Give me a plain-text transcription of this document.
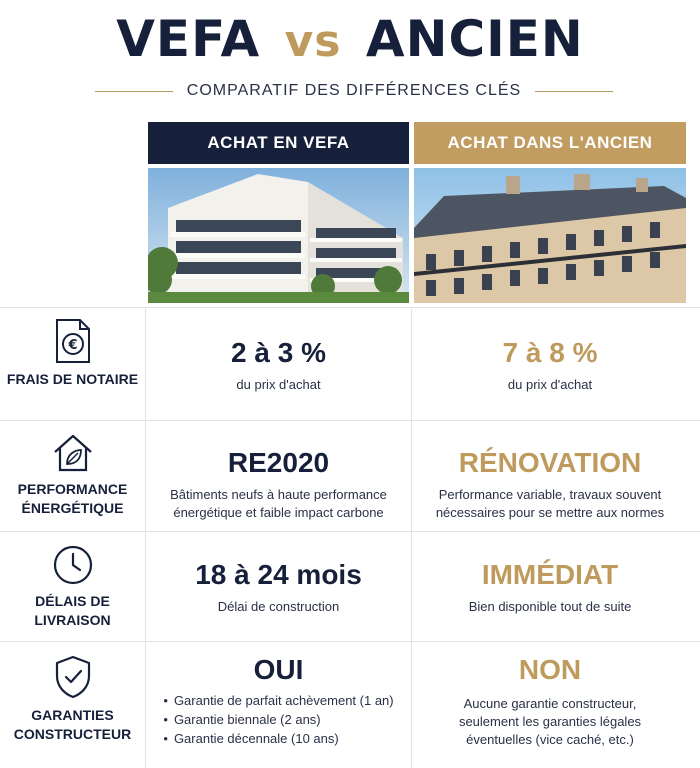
VEFA vs ANCIEN
COMPARATIF DES DIFFÉRENCES CLÉS
ACHAT EN VEFA	ACHAT DANS L'ANCIEN
€
FRAIS DE NOTAIRE
2 à 3 %
du prix d'achat
7 à 8 %
du prix d'achat
PERFORMANCE ÉNERGÉTIQUE
RE2020
Bâtiments neufs à haute performance énergétique et faible impact carbone
RÉNOVATION
Performance variable, travaux souvent nécessaires pour se mettre aux normes
DÉLAIS DE LIVRAISON
18 à 24 mois
Délai de construction
IMMÉDIAT
Bien disponible tout de suite
GARANTIES CONSTRUCTEUR
OUI
• Garantie de parfait achèvement (1 an)
• Garantie biennale (2 ans)
• Garantie décennale (10 ans)
NON
Aucune garantie constructeur, seulement les garanties légales éventuelles (vice caché, etc.)
